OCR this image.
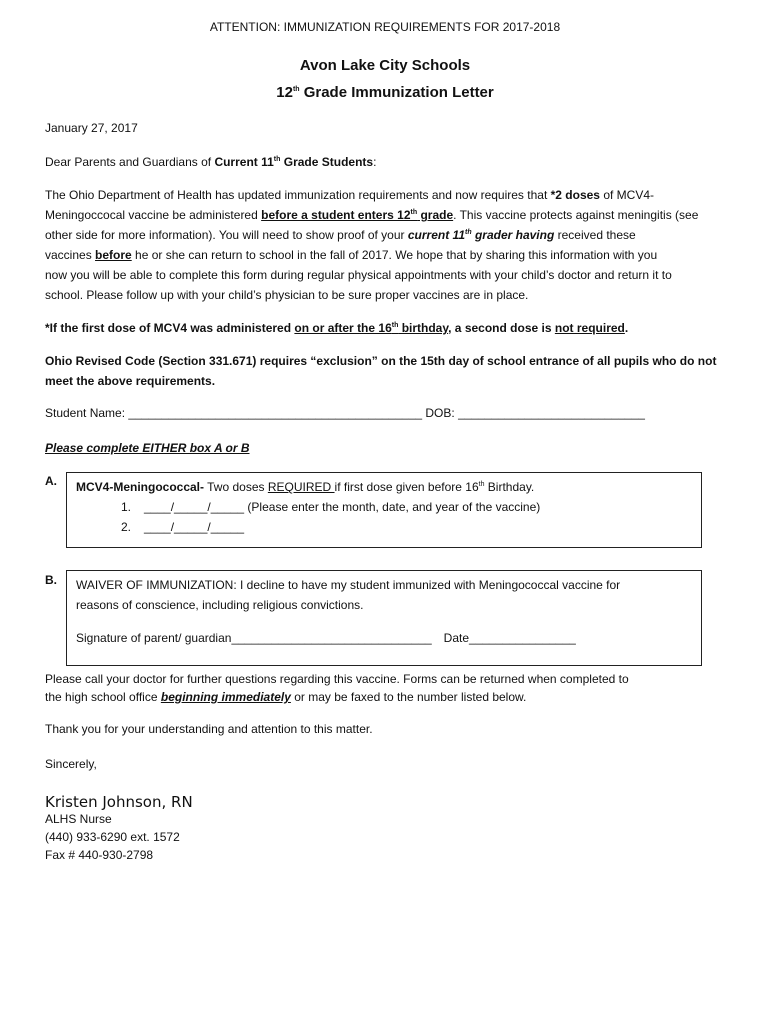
ATTENTION: IMMUNIZATION REQUIREMENTS FOR 2017-2018
Avon Lake City Schools
12th Grade Immunization Letter
January 27, 2017
Dear Parents and Guardians of Current 11th Grade Students:
The Ohio Department of Health has updated immunization requirements and now requires that *2 doses of MCV4-
Meningoccocal vaccine be administered before a student enters 12th grade. This vaccine protects against meningitis (see
other side for more information). You will need to show proof of your current 11th grader having received these
vaccines before he or she can return to school in the fall of 2017. We hope that by sharing this information with you
now you will be able to complete this form during regular physical appointments with your child’s doctor and return it to
school. Please follow up with your child’s physician to be sure proper vaccines are in place.
*If the first dose of MCV4 was administered on or after the 16th birthday, a second dose is not required.
Ohio Revised Code (Section 331.671) requires “exclusion” on the 15th day of school entrance of all pupils who do not
meet the above requirements.
Student Name: ____________________________________________ DOB: ____________________________
Please complete EITHER box A or B
A. MCV4-Meningococcal- Two doses REQUIRED if first dose given before 16th Birthday.
1. ____/_____/_____ (Please enter the month, date, and year of the vaccine)
2. ____/_____/_____
B. WAIVER OF IMMUNIZATION: I decline to have my student immunized with Meningococcal vaccine for
reasons of conscience, including religious convictions.
Signature of parent/ guardian______________________________ Date________________
Please call your doctor for further questions regarding this vaccine. Forms can be returned when completed to
the high school office beginning immediately or may be faxed to the number listed below.
Thank you for your understanding and attention to this matter.
Sincerely,
Kristen Johnson, RN
ALHS Nurse
(440) 933-6290 ext. 1572
Fax # 440-930-2798
